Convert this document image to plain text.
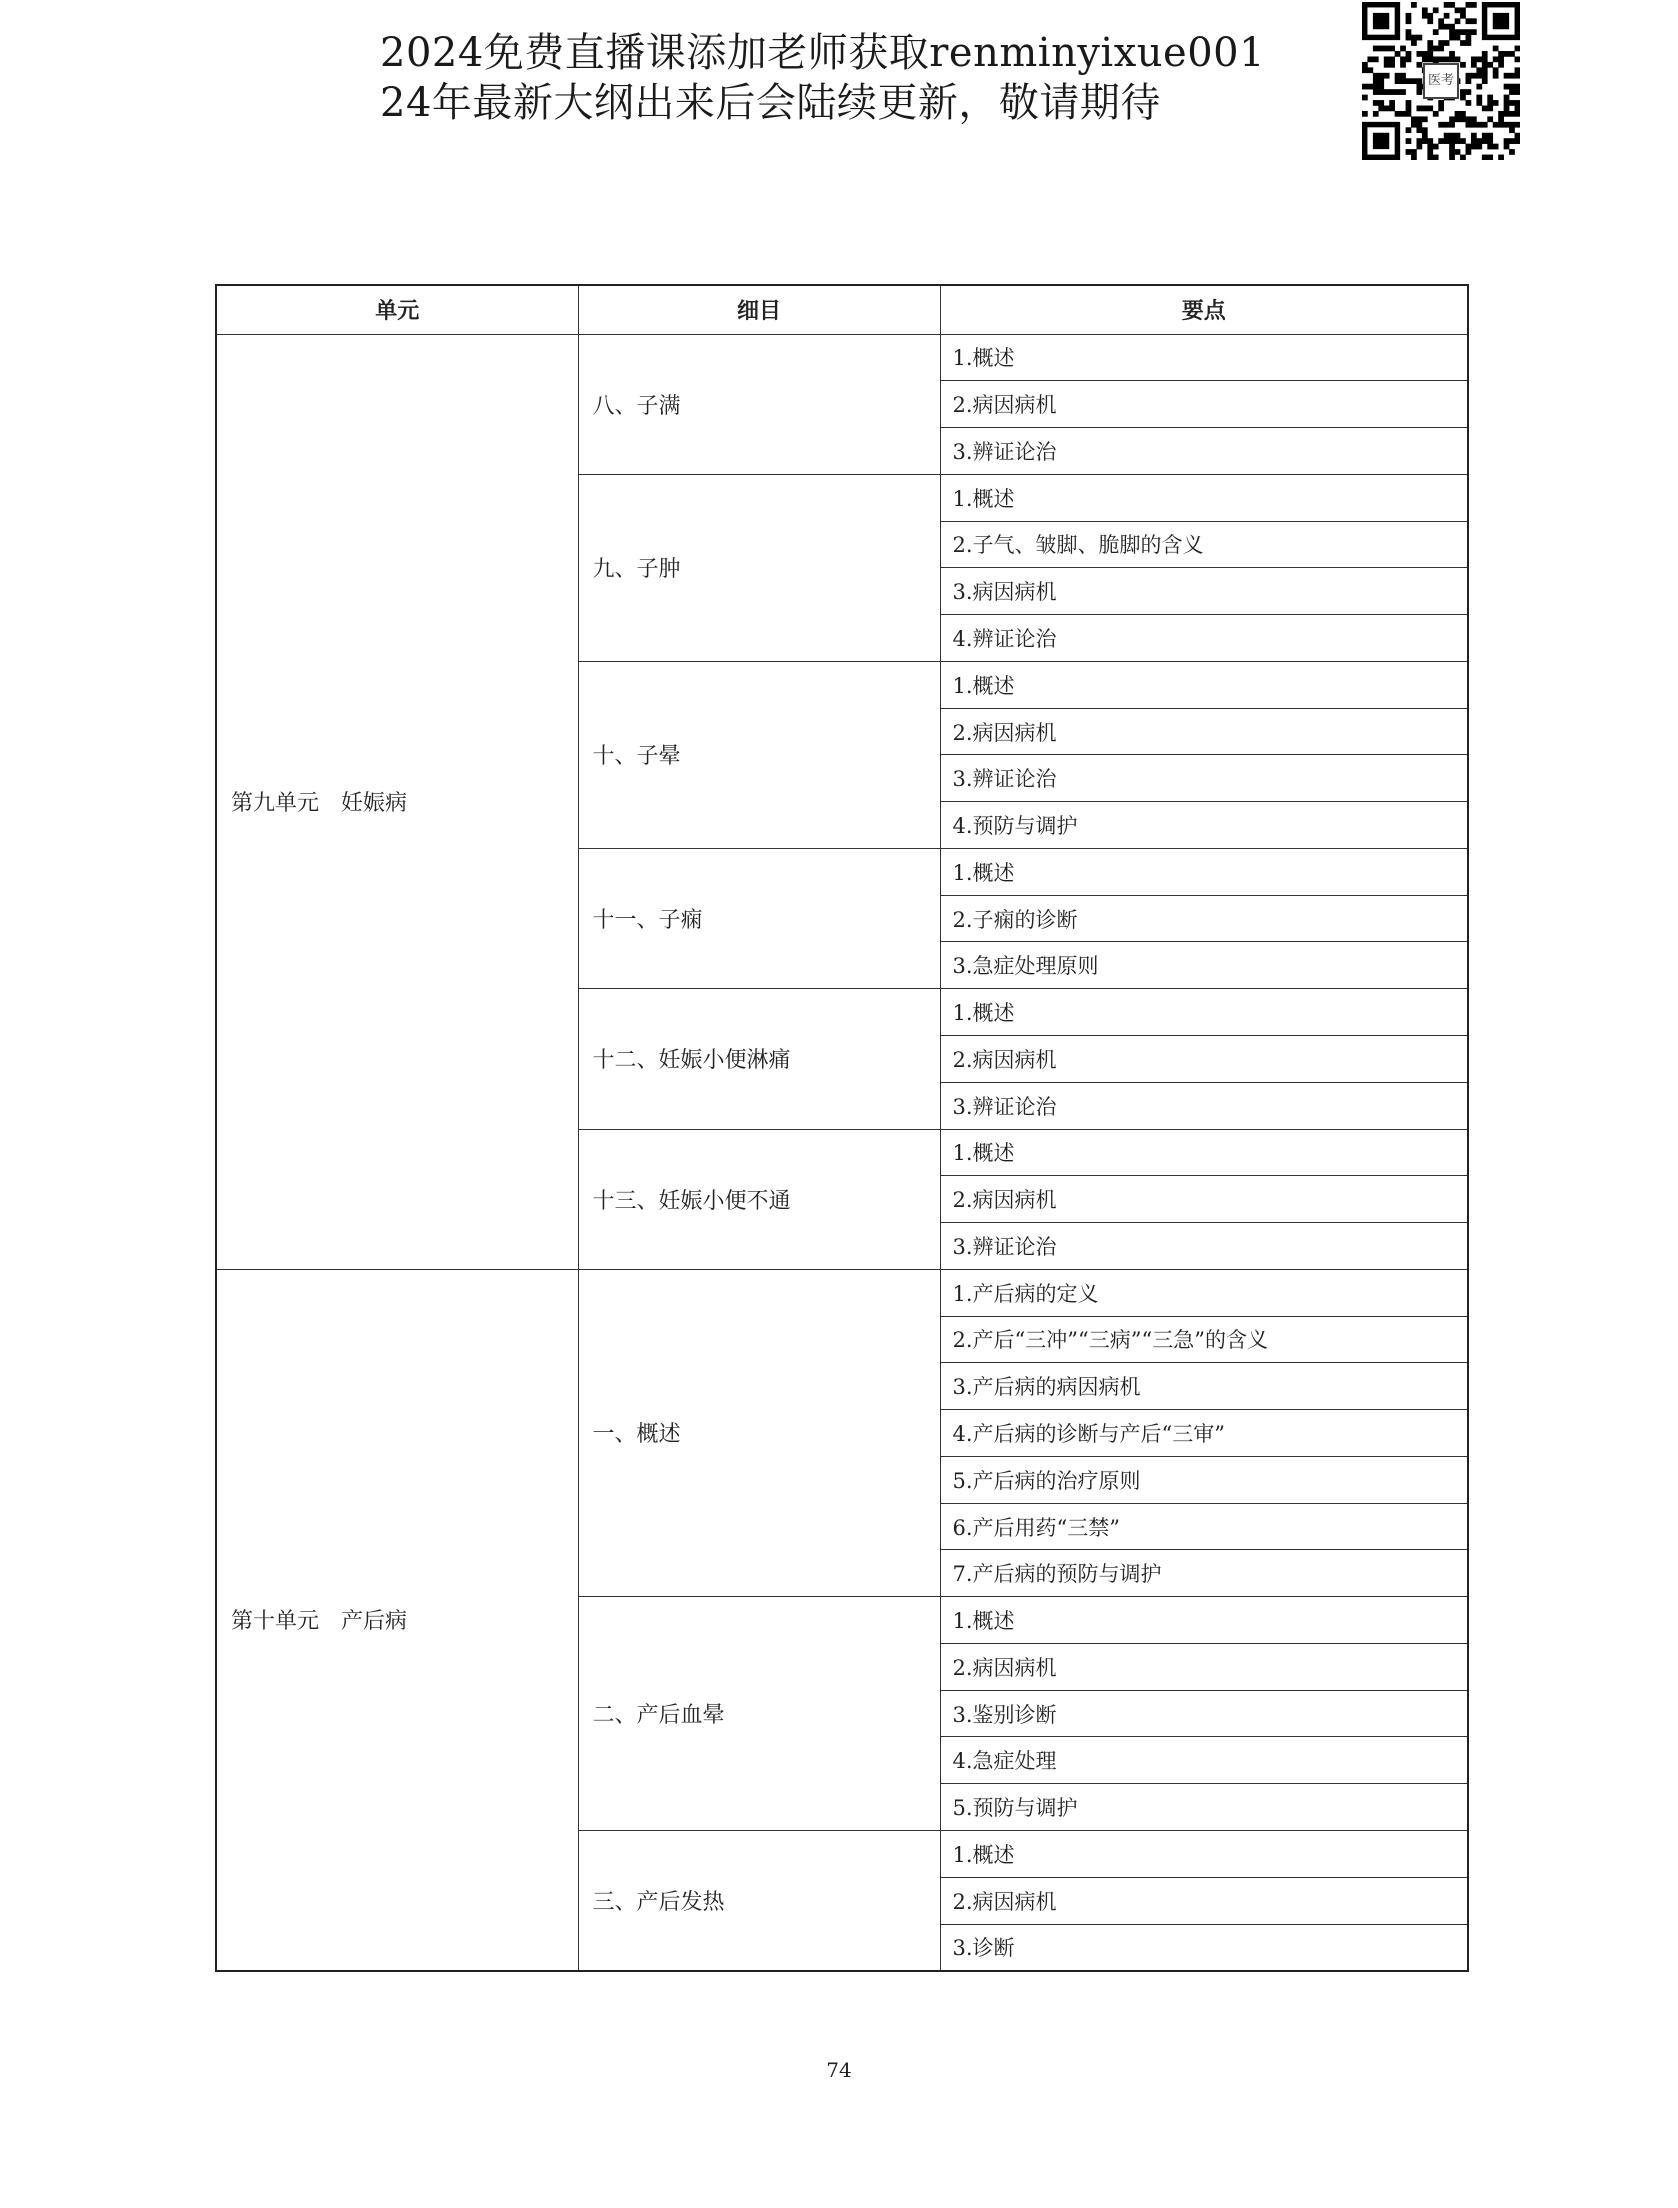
2024免费直播课添加老师获取renminyixue001
24年最新大纲出来后会陆续更新，敬请期待	医考
单元	细目	要点
第九单元　妊娠病	八、子满	1.概述
		2.病因病机
		3.辨证论治
	九、子肿	1.概述
		2.子气、皱脚、脆脚的含义
		3.病因病机
		4.辨证论治
	十、子晕	1.概述
		2.病因病机
		3.辨证论治
		4.预防与调护
	十一、子痫	1.概述
		2.子痫的诊断
		3.急症处理原则
	十二、妊娠小便淋痛	1.概述
		2.病因病机
		3.辨证论治
	十三、妊娠小便不通	1.概述
		2.病因病机
		3.辨证论治
第十单元　产后病	一、概述	1.产后病的定义
		2.产后“三冲”“三病”“三急”的含义
		3.产后病的病因病机
		4.产后病的诊断与产后“三审”
		5.产后病的治疗原则
		6.产后用药“三禁”
		7.产后病的预防与调护
	二、产后血晕	1.概述
		2.病因病机
		3.鉴别诊断
		4.急症处理
		5.预防与调护
	三、产后发热	1.概述
		2.病因病机
		3.诊断
74
